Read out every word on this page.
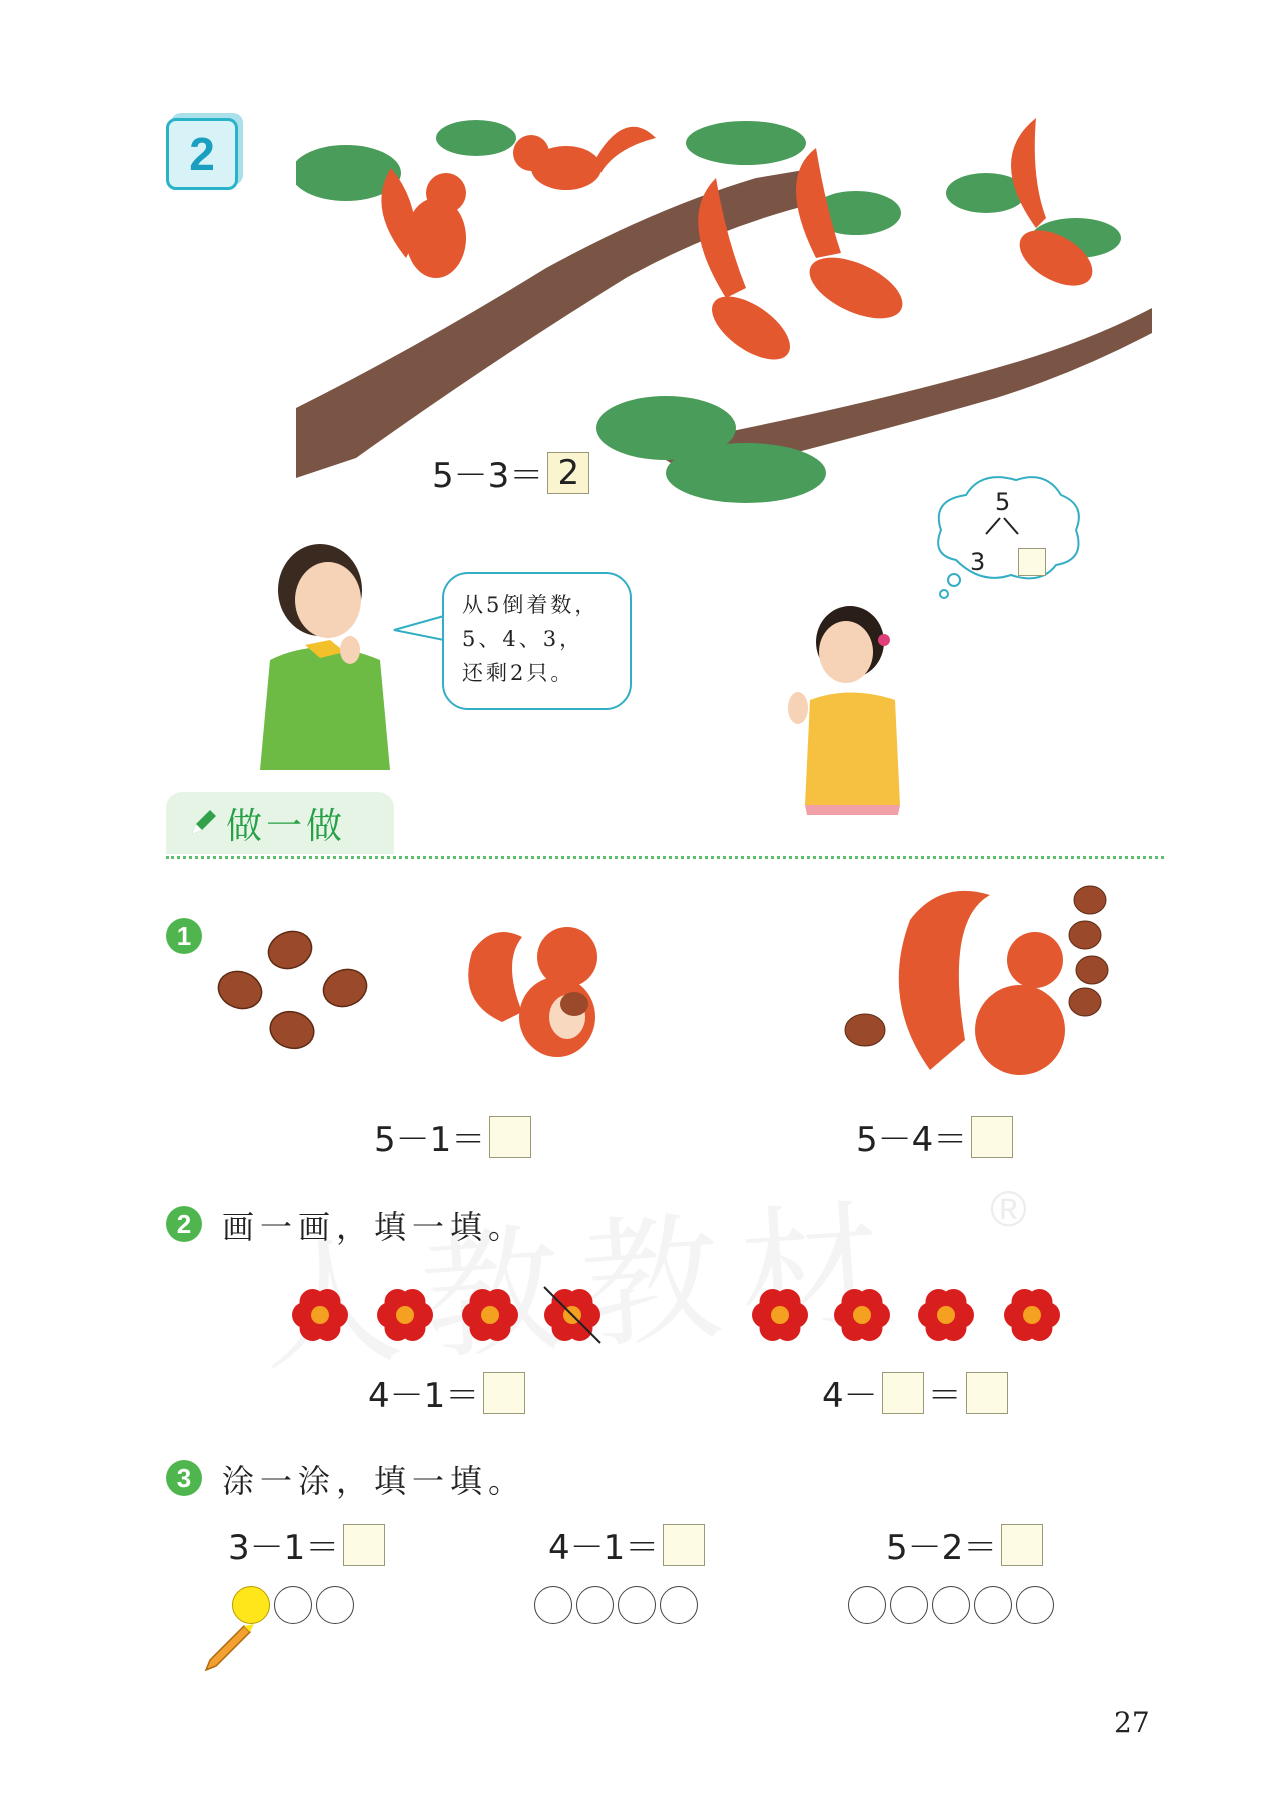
2
5－3＝ 2
从5倒着数，
5、4、3，
还剩2只。
5
3
做一做
1
5－1＝	5－4＝
®
2 画一画，填一填。
4－1＝	4－ ＝
3 涂一涂，填一填。
3－1＝	4－1＝	5－2＝
27
